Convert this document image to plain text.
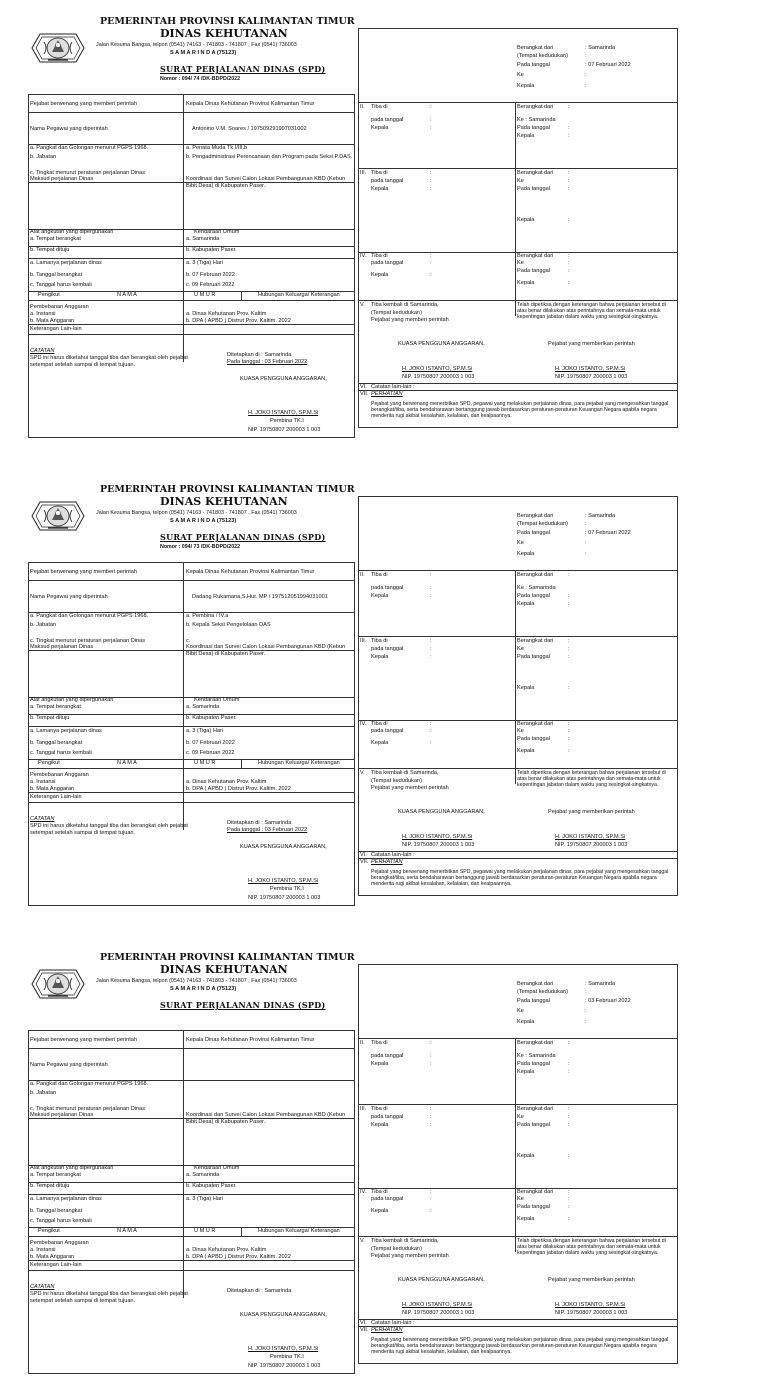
PEMERINTAH PROVINSI KALIMANTAN TIMUR
DINAS KEHUTANAN
Jalan Kesuma Bangsa, telpon (0541) 74163 - 741803 - 741807 , Fax (0541) 736003
S A M A R I N D A (75123)
SURAT PERJALANAN DINAS (SPD)
Nomor : 094/ 74 /DK-BDPD/2022
Pejabat berwenang yang memberi perintah	Kepala Dinas Kehutanan Provinsi Kalimantan Timur
Nama Pegawai yang diperintah	Antonino V.M. Soares / 197509291997031002
a. Pangkat dan Golongan menurut PGPS 1968.
b. Jabatan
c. Tingkat menurut peraturan perjalanan Dinas
a. Penata Muda Tk.I/III.b
b. Pengadministrasi Perencanaan dan Program pada Seksi P.DAS.
Maksud perjalanan Dinas	Koordinasi dan Survei Calon Lokasi Pembangunan KBD (Kebun Bibit Desa) di Kabupaten Paser.
Alat angkutan yang dipergunakan	Kendaraan Umum
a. Tempat berangkat	a. Samarinda
b. Tempat dituju	b. Kabupaten Paser.
a. Lamanya perjalanan dinas	a. 3 (Tiga) Hari
b. Tanggal berangkat	b. 07 Februari 2022
c. Tanggal harus kembali	c. 09 Februari 2022
Pengikut	N A M A	U M U R	Hubungan Keluarga/ Keterangan
Pembebanan Anggaran
a. Instansi	a. Dinas Kehutanan Prov. Kaltim
b. Mata Anggaran	b. DPA ( APBD ) Distrut Prov. Kaltim. 2022
Keterangan Lain-lain
CATATAN
SPD ini harus diketahui tanggal tiba dan berangkat oleh pejabat setempat setelah sampai di tempat tujuan.
Ditetapkan di : Samarinda
Pada tanggal : 03 Februari 2022
KUASA PENGGUNA ANGGARAN,
H. JOKO ISTANTO, SP.M.Si
Pembina TK.I
NIP. 19750807 200003 1 003
Berangkat dari	: Samarinda
(Tempat kedudukan)	:
Pada tanggal	: 07 Februari 2022
Ke	:
Kepala	:
II. Tiba di	:
pada tanggal	:
Kepala	:
Berangkat dari	:
Ke : Samarinda
Pada tanggal	:
Kepala	:
III. Tiba di	:
pada tanggal	:
Kepala	:
Berangkat dari	:
Ke	:
Pada tanggal	:
Kepala	:
IV. Tiba di	:
pada tanggal	:
Kepala	:
Berangkat dari	:
Ke	:
Pada tanggal	:
Kepala	:
V. Tiba kembali di Samarinda,
(Tempat kedudukan)
Pejabat yang memberi perintah
Telah diperiksa dengan keterangan bahwa perjalanan tersebut di atas benar dilakukan atas perintahnya dan semata-mata untuk kepentingan jabatan dalam waktu yang sesingkat-singkatnya.
KUASA PENGGUNA ANGGARAN,	Pejabat yang memberikan perintah
H. JOKO ISTANTO, SP.M.Si
NIP. 19750807 200003 1 003
H. JOKO ISTANTO, SP.M.Si
NIP. 19750807 200003 1 003
VI. Catatan lain-lain :
VII. PERHATIAN
Pejabat yang berwenang menerbitkan SPD, pegawai yang melakukan perjalanan dinas, para pejabat yang mengesahkan tanggal berangkat/tiba, serta bendaharawan bertanggung jawab berdasarkan peraturan-peraturan Keuangan Negara apabila negara menderita rugi akibat kesalahan, kelalaian, dan kealpaannya.
PEMERINTAH PROVINSI KALIMANTAN TIMUR
DINAS KEHUTANAN
Jalan Kesuma Bangsa, telpon (0541) 74163 - 741803 - 741807 , Fax (0541) 736003
S A M A R I N D A (75123)
SURAT PERJALANAN DINAS (SPD)
Nomor : 094/ 73 /DK-BDPD/2022
Pejabat berwenang yang memberi perintah	Kepala Dinas Kehutanan Provinsi Kalimantan Timur
Nama Pegawai yang diperintah	Dadang Rukamana,S.Hut. MP / 197512051994031001
a. Pangkat dan Golongan menurut PGPS 1968.
b. Jabatan
c. Tingkat menurut peraturan perjalanan Dinas
a. Pembina / IV.a
b. Kepala Seksi Pengelolaan DAS
c.
Maksud perjalanan Dinas	Koordinasi dan Survei Calon Lokasi Pembangunan KBD (Kebun Bibit Desa) di Kabupaten Paser.
Alat angkutan yang dipergunakan	Kendaraan Umum
a. Tempat berangkat	a. Samarinda
b. Tempat dituju	b. Kabupaten Paser.
a. Lamanya perjalanan dinas	a. 3 (Tiga) Hari
b. Tanggal berangkat	b. 07 Februari 2022
c. Tanggal harus kembali	c. 09 Februari 2022
Pengikut	N A M A	U M U R	Hubungan Keluarga/ Keterangan
Pembebanan Anggaran
a. Instansi	a. Dinas Kehutanan Prov. Kaltim
b. Mata Anggaran	b. DPA ( APBD ) Distrut Prov. Kaltim. 2022
Keterangan Lain-lain
CATATAN
SPD ini harus diketahui tanggal tiba dan berangkat oleh pejabat setempat setelah sampai di tempat tujuan.
Ditetapkan di : Samarinda
Pada tanggal : 03 Februari 2022
KUASA PENGGUNA ANGGARAN,
H. JOKO ISTANTO, SP.M.Si
Pembina TK.I
NIP. 19750807 200003 1 003
Berangkat dari	: Samarinda
(Tempat kedudukan)	:
Pada tanggal	: 07 Februari 2022
Ke	:
Kepala	:
II. Tiba di	:
pada tanggal	:
Kepala	:
Berangkat dari	:
Ke : Samarinda
Pada tanggal	:
Kepala	:
III. Tiba di	:
pada tanggal	:
Kepala	:
Berangkat dari	:
Ke	:
Pada tanggal	:
Kepala	:
IV. Tiba di	:
pada tanggal	:
Kepala	:
Berangkat dari	:
Ke	:
Pada tanggal	:
Kepala	:
V. Tiba kembali di Samarinda,
(Tempat kedudukan)
Pejabat yang memberi perintah
Telah diperiksa dengan keterangan bahwa perjalanan tersebut di atas benar dilakukan atas perintahnya dan semata-mata untuk kepentingan jabatan dalam waktu yang sesingkat-singkatnya.
KUASA PENGGUNA ANGGARAN,	Pejabat yang memberikan perintah
H. JOKO ISTANTO, SP.M.Si
NIP. 19750807 200003 1 003
H. JOKO ISTANTO, SP.M.Si
NIP. 19750807 200003 1 003
VI. Catatan lain-lain :
VII. PERHATIAN
Pejabat yang berwenang menerbitkan SPD, pegawai yang melakukan perjalanan dinas, para pejabat yang mengesahkan tanggal berangkat/tiba, serta bendaharawan bertanggung jawab berdasarkan peraturan-peraturan Keuangan Negara apabila negara menderita rugi akibat kesalahan, kelalaian, dan kealpaannya.
PEMERINTAH PROVINSI KALIMANTAN TIMUR
DINAS KEHUTANAN
Jalan Kesuma Bangsa, telpon (0541) 74163 - 741803 - 741807 , Fax (0541) 736003
S A M A R I N D A (75123)
SURAT PERJALANAN DINAS (SPD)
Pejabat berwenang yang memberi perintah	Kepala Dinas Kehutanan Provinsi Kalimantan Timur
Nama Pegawai yang diperintah
a. Pangkat dan Golongan menurut PGPS 1968.
b. Jabatan
c. Tingkat menurut peraturan perjalanan Dinas
Maksud perjalanan Dinas	Koordinasi dan Survei Calon Lokasi Pembangunan KBD (Kebun Bibit Desa) di Kabupaten Paser.
Alat angkutan yang dipergunakan	Kendaraan Umum
a. Tempat berangkat	a. Samarinda
b. Tempat dituju	b. Kabupaten Paser.
a. Lamanya perjalanan dinas	a. 3 (Tiga) Hari
b. Tanggal berangkat
c. Tanggal harus kembali
Pengikut	N A M A	U M U R	Hubungan Keluarga/ Keterangan
Pembebanan Anggaran
a. Instansi	a. Dinas Kehutanan Prov. Kaltim
b. Mata Anggaran	b. DPA ( APBD ) Distrut Prov. Kaltim. 2022
Keterangan Lain-lain
CATATAN
SPD ini harus diketahui tanggal tiba dan berangkat oleh pejabat setempat setelah sampai di tempat tujuan.
Ditetapkan di : Samarinda
KUASA PENGGUNA ANGGARAN,
H. JOKO ISTANTO, SP.M.Si
Pembina TK.I
NIP. 19750807 200003 1 003
Berangkat dari	: Samarinda
(Tempat kedudukan)	:
Pada tanggal	: 03 Februari 2022
Ke	:
Kepala	:
II. Tiba di	:
pada tanggal	:
Kepala	:
Berangkat dari	:
Ke : Samarinda
Pada tanggal	:
Kepala	:
III. Tiba di	:
pada tanggal	:
Kepala	:
Berangkat dari	:
Ke	:
Pada tanggal	:
Kepala	:
IV. Tiba di	:
pada tanggal	:
Kepala	:
Berangkat dari	:
Ke	:
Pada tanggal	:
Kepala	:
V. Tiba kembali di Samarinda,
(Tempat kedudukan)
Pejabat yang memberi perintah
Telah diperiksa dengan keterangan bahwa perjalanan tersebut di atas benar dilakukan atas perintahnya dan semata-mata untuk kepentingan jabatan dalam waktu yang sesingkat-singkatnya.
KUASA PENGGUNA ANGGARAN,	Pejabat yang memberikan perintah
H. JOKO ISTANTO, SP.M.Si
NIP. 19750807 200003 1 003
H. JOKO ISTANTO, SP.M.Si
NIP. 19750807 200003 1 003
VI. Catatan lain-lain :
VII. PERHATIAN
Pejabat yang berwenang menerbitkan SPD, pegawai yang melakukan perjalanan dinas, para pejabat yang mengesahkan tanggal berangkat/tiba, serta bendaharawan bertanggung jawab berdasarkan peraturan-peraturan Keuangan Negara apabila negara menderita rugi akibat kesalahan, kelalaian, dan kealpaannya.
